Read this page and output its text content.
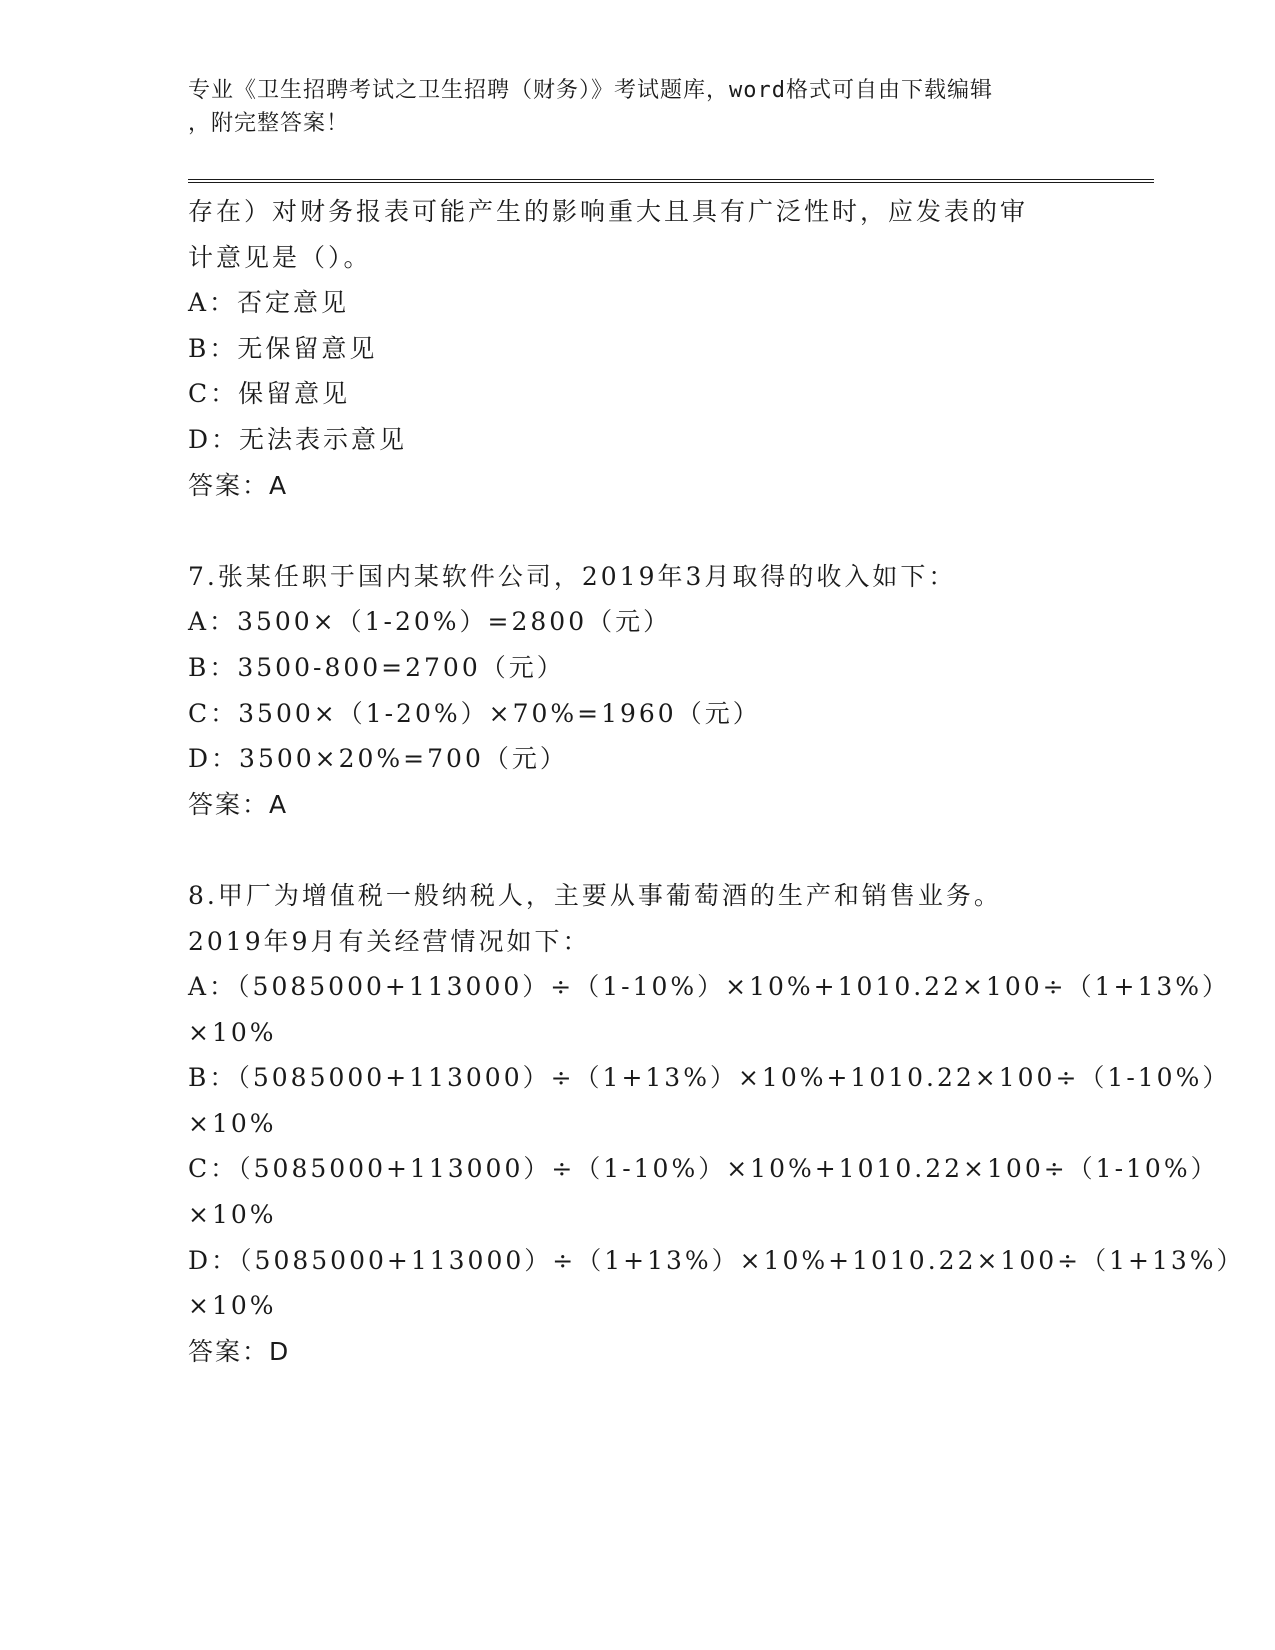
专业《卫生招聘考试之卫生招聘（财务）》考试题库，word格式可自由下载编辑
，附完整答案！
存在）对财务报表可能产生的影响重大且具有广泛性时，应发表的审
计意见是（）。
A：否定意见
B：无保留意见
C：保留意见
D：无法表示意见
答案：A
7.张某任职于国内某软件公司，2019年3月取得的收入如下：
A：3500×（1-20%）=2800（元）
B：3500-800=2700（元）
C：3500×（1-20%）×70%=1960（元）
D：3500×20%=700（元）
答案：A
8.甲厂为增值税一般纳税人，主要从事葡萄酒的生产和销售业务。
2019年9月有关经营情况如下：
A：（5085000+113000）÷（1-10%）×10%+1010.22×100÷（1+13%）
×10%
B：（5085000+113000）÷（1+13%）×10%+1010.22×100÷（1-10%）
×10%
C：（5085000+113000）÷（1-10%）×10%+1010.22×100÷（1-10%）
×10%
D：（5085000+113000）÷（1+13%）×10%+1010.22×100÷（1+13%）
×10%
答案：D
